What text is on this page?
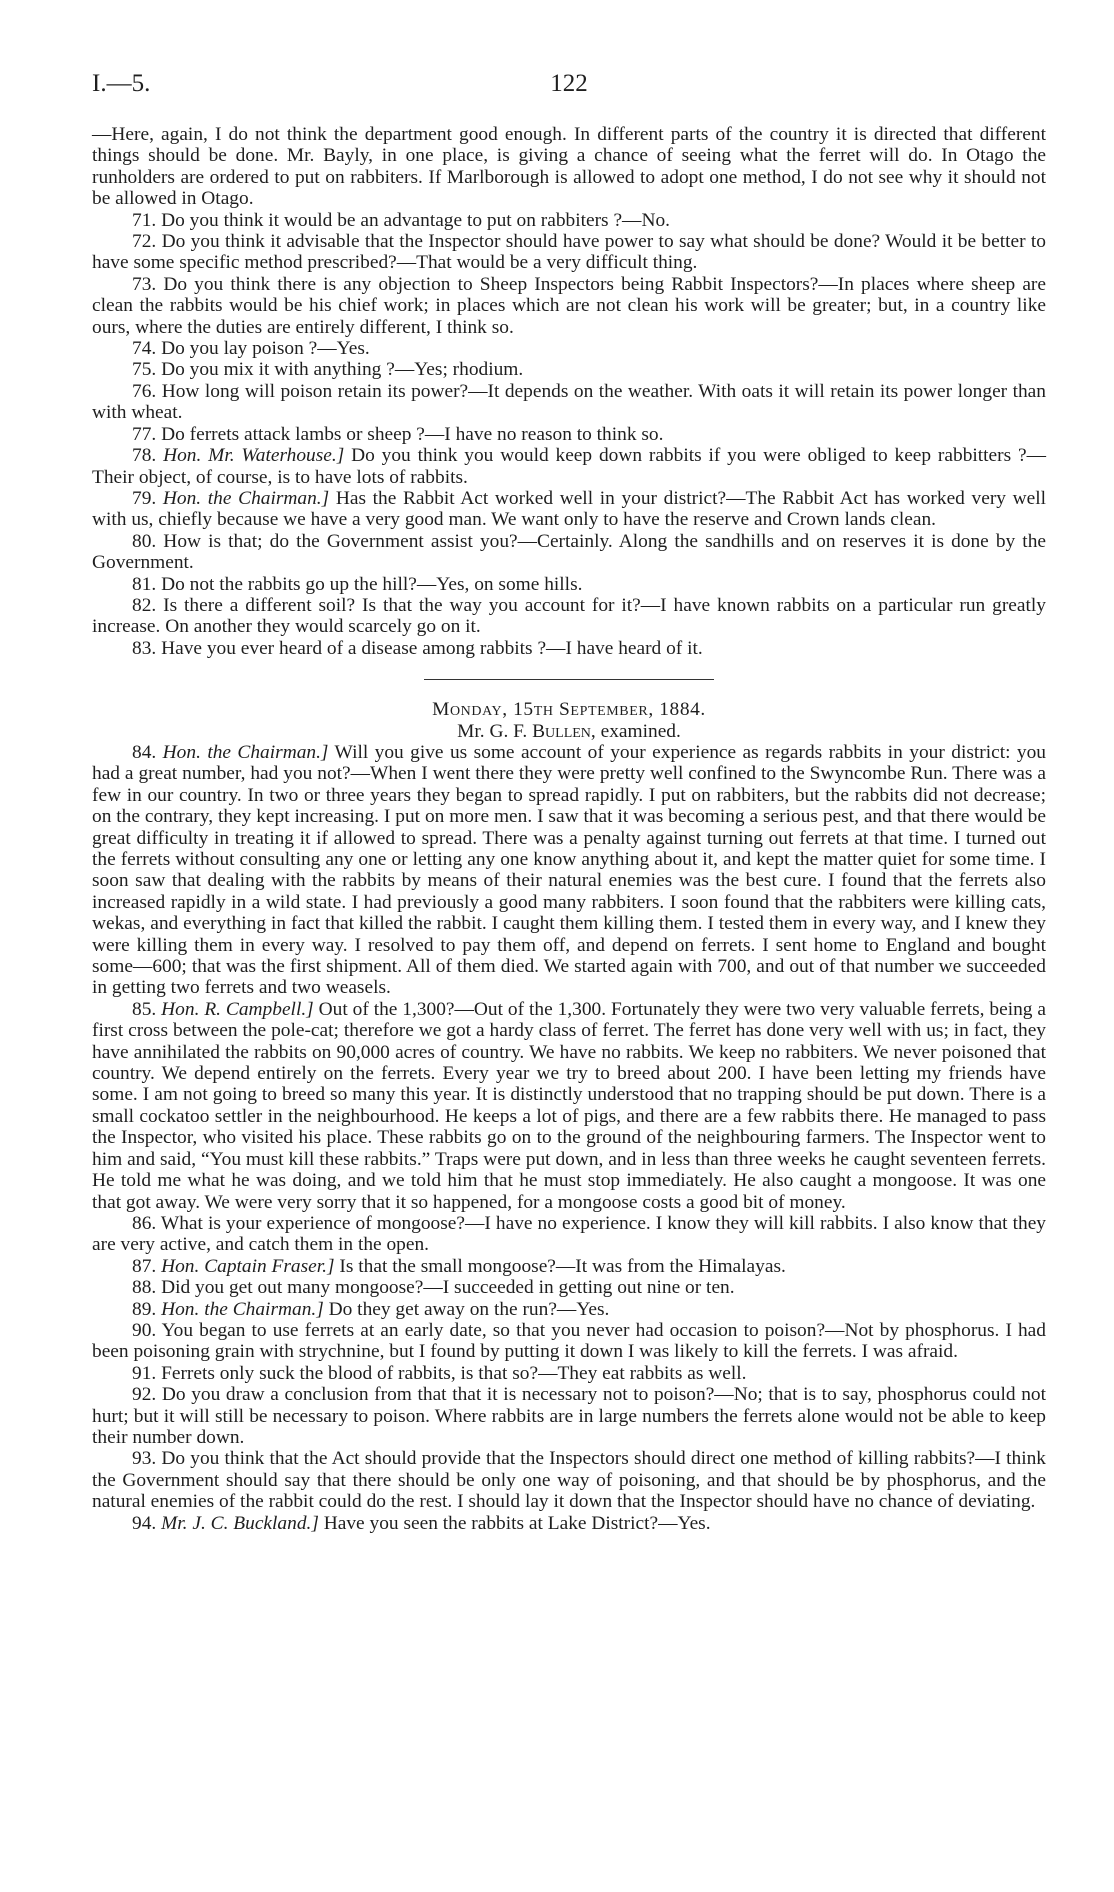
I.—5.	122

—Here, again, I do not think the department good enough. In different parts of the country it is directed that different things should be done. Mr. Bayly, in one place, is giving a chance of seeing what the ferret will do. In Otago the runholders are ordered to put on rabbiters. If Marlborough is allowed to adopt one method, I do not see why it should not be allowed in Otago.

71. Do you think it would be an advantage to put on rabbiters ?—No.

72. Do you think it advisable that the Inspector should have power to say what should be done? Would it be better to have some specific method prescribed?—That would be a very difficult thing.

73. Do you think there is any objection to Sheep Inspectors being Rabbit Inspectors?—In places where sheep are clean the rabbits would be his chief work; in places which are not clean his work will be greater; but, in a country like ours, where the duties are entirely different, I think so.

74. Do you lay poison ?—Yes.

75. Do you mix it with anything ?—Yes; rhodium.

76. How long will poison retain its power?—It depends on the weather. With oats it will retain its power longer than with wheat.

77. Do ferrets attack lambs or sheep ?—I have no reason to think so.

78. Hon. Mr. Waterhouse.] Do you think you would keep down rabbits if you were obliged to keep rabbitters ?—Their object, of course, is to have lots of rabbits.

79. Hon. the Chairman.] Has the Rabbit Act worked well in your district?—The Rabbit Act has worked very well with us, chiefly because we have a very good man. We want only to have the reserve and Crown lands clean.

80. How is that; do the Government assist you?—Certainly. Along the sandhills and on reserves it is done by the Government.

81. Do not the rabbits go up the hill?—Yes, on some hills.

82. Is there a different soil? Is that the way you account for it?—I have known rabbits on a particular run greatly increase. On another they would scarcely go on it.

83. Have you ever heard of a disease among rabbits ?—I have heard of it.

Monday, 15th September, 1884.

Mr. G. F. Bullen, examined.

84. Hon. the Chairman.] Will you give us some account of your experience as regards rabbits in your district: you had a great number, had you not?—When I went there they were pretty well confined to the Swyncombe Run. There was a few in our country. In two or three years they began to spread rapidly. I put on rabbiters, but the rabbits did not decrease; on the contrary, they kept increasing. I put on more men. I saw that it was becoming a serious pest, and that there would be great difficulty in treating it if allowed to spread. There was a penalty against turning out ferrets at that time. I turned out the ferrets without consulting any one or letting any one know anything about it, and kept the matter quiet for some time. I soon saw that dealing with the rabbits by means of their natural enemies was the best cure. I found that the ferrets also increased rapidly in a wild state. I had previously a good many rabbiters. I soon found that the rabbiters were killing cats, wekas, and everything in fact that killed the rabbit. I caught them killing them. I tested them in every way, and I knew they were killing them in every way. I resolved to pay them off, and depend on ferrets. I sent home to England and bought some—600; that was the first shipment. All of them died. We started again with 700, and out of that number we succeeded in getting two ferrets and two weasels.

85. Hon. R. Campbell.] Out of the 1,300?—Out of the 1,300. Fortunately they were two very valuable ferrets, being a first cross between the pole-cat; therefore we got a hardy class of ferret. The ferret has done very well with us; in fact, they have annihilated the rabbits on 90,000 acres of country. We have no rabbits. We keep no rabbiters. We never poisoned that country. We depend entirely on the ferrets. Every year we try to breed about 200. I have been letting my friends have some. I am not going to breed so many this year. It is distinctly understood that no trapping should be put down. There is a small cockatoo settler in the neighbourhood. He keeps a lot of pigs, and there are a few rabbits there. He managed to pass the Inspector, who visited his place. These rabbits go on to the ground of the neighbouring farmers. The Inspector went to him and said, “You must kill these rabbits.” Traps were put down, and in less than three weeks he caught seventeen ferrets. He told me what he was doing, and we told him that he must stop immediately. He also caught a mongoose. It was one that got away. We were very sorry that it so happened, for a mongoose costs a good bit of money.

86. What is your experience of mongoose?—I have no experience. I know they will kill rabbits. I also know that they are very active, and catch them in the open.

87. Hon. Captain Fraser.] Is that the small mongoose?—It was from the Himalayas.

88. Did you get out many mongoose?—I succeeded in getting out nine or ten.

89. Hon. the Chairman.] Do they get away on the run?—Yes.

90. You began to use ferrets at an early date, so that you never had occasion to poison?—Not by phosphorus. I had been poisoning grain with strychnine, but I found by putting it down I was likely to kill the ferrets. I was afraid.

91. Ferrets only suck the blood of rabbits, is that so?—They eat rabbits as well.

92. Do you draw a conclusion from that that it is necessary not to poison?—No; that is to say, phosphorus could not hurt; but it will still be necessary to poison. Where rabbits are in large numbers the ferrets alone would not be able to keep their number down.

93. Do you think that the Act should provide that the Inspectors should direct one method of killing rabbits?—I think the Government should say that there should be only one way of poisoning, and that should be by phosphorus, and the natural enemies of the rabbit could do the rest. I should lay it down that the Inspector should have no chance of deviating.

94. Mr. J. C. Buckland.] Have you seen the rabbits at Lake District?—Yes.
